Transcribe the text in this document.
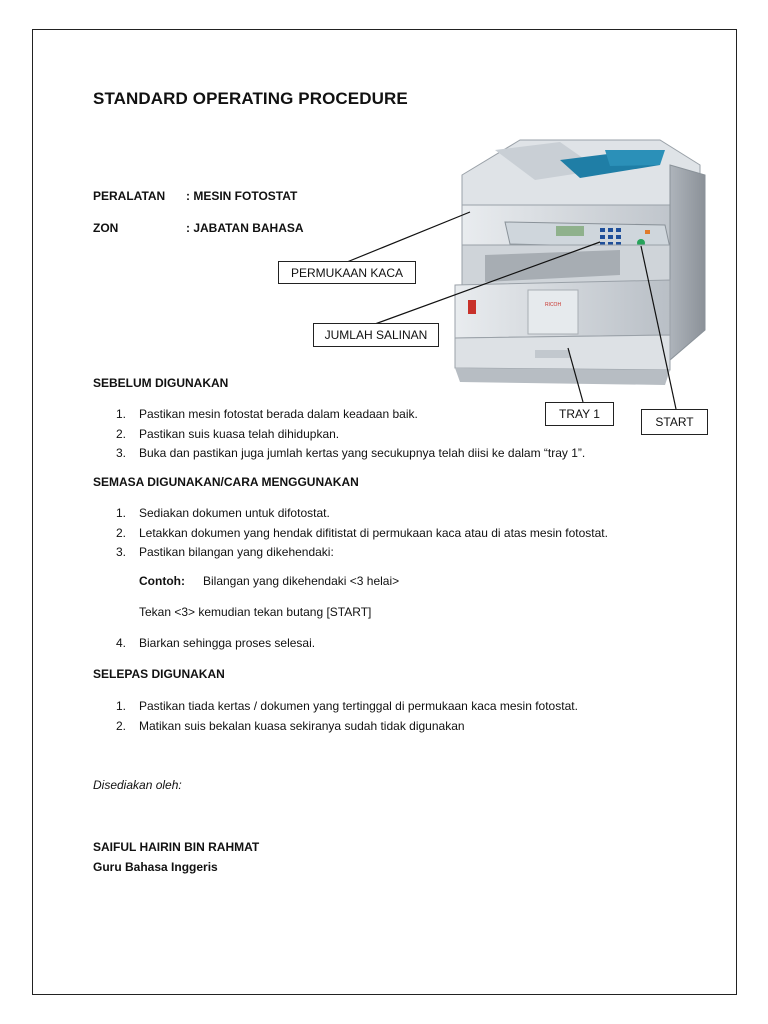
STANDARD OPERATING PROCEDURE
PERALATAN : MESIN FOTOSTAT
ZON	: JABATAN BAHASA
RICOH
PERMUKAAN KACA
JUMLAH SALINAN
TRAY 1
START
SEBELUM DIGUNAKAN
1. Pastikan mesin fotostat berada dalam keadaan baik.
2. Pastikan suis kuasa telah dihidupkan.
3. Buka dan pastikan juga jumlah kertas yang secukupnya telah diisi ke dalam “tray 1”.
SEMASA DIGUNAKAN/CARA MENGGUNAKAN
1. Sediakan dokumen untuk difotostat.
2. Letakkan dokumen yang hendak difitistat di permukaan kaca atau di atas mesin fotostat.
3. Pastikan bilangan yang dikehendaki:
Contoh: Bilangan yang dikehendaki <3 helai>
Tekan <3> kemudian tekan butang [START]
4. Biarkan sehingga proses selesai.
SELEPAS DIGUNAKAN
1. Pastikan tiada kertas / dokumen yang tertinggal di permukaan kaca mesin fotostat.
2. Matikan suis bekalan kuasa sekiranya sudah tidak digunakan
Disediakan oleh:
SAIFUL HAIRIN BIN RAHMAT
Guru Bahasa Inggeris
